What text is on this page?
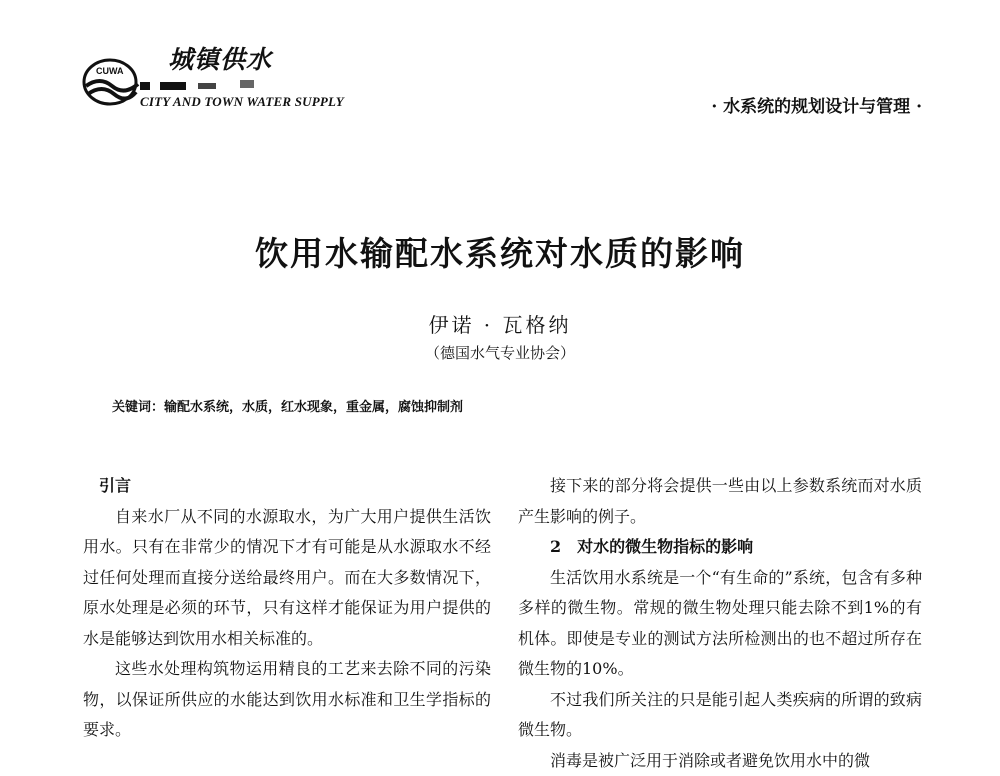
CUWA 城镇供水
CITY AND TOWN WATER SUPPLY	· 水系统的规划设计与管理 ·
饮用水输配水系统对水质的影响
伊诺 · 瓦格纳
（德国水气专业协会）
关键词：输配水系统，水质，红水现象，重金属，腐蚀抑制剂
引言

自来水厂从不同的水源取水，为广大用户提供生活饮用水。只有在非常少的情况下才有可能是从水源取水不经过任何处理而直接分送给最终用户。而在大多数情况下，原水处理是必须的环节，只有这样才能保证为用户提供的水是能够达到饮用水相关标准的。

这些水处理构筑物运用精良的工艺来去除不同的污染物，以保证所供应的水能达到饮用水标准和卫生学指标的要求。

接下来的部分将会提供一些由以上参数系统而对水质产生影响的例子。

2　对水的微生物指标的影响

生活饮用水系统是一个“有生命的”系统，包含有多种多样的微生物。常规的微生物处理只能去除不到1%的有机体。即使是专业的测试方法所检测出的也不超过所存在微生物的10%。

不过我们所关注的只是能引起人类疾病的所谓的致病微生物。

消毒是被广泛用于消除或者避免饮用水中的微
